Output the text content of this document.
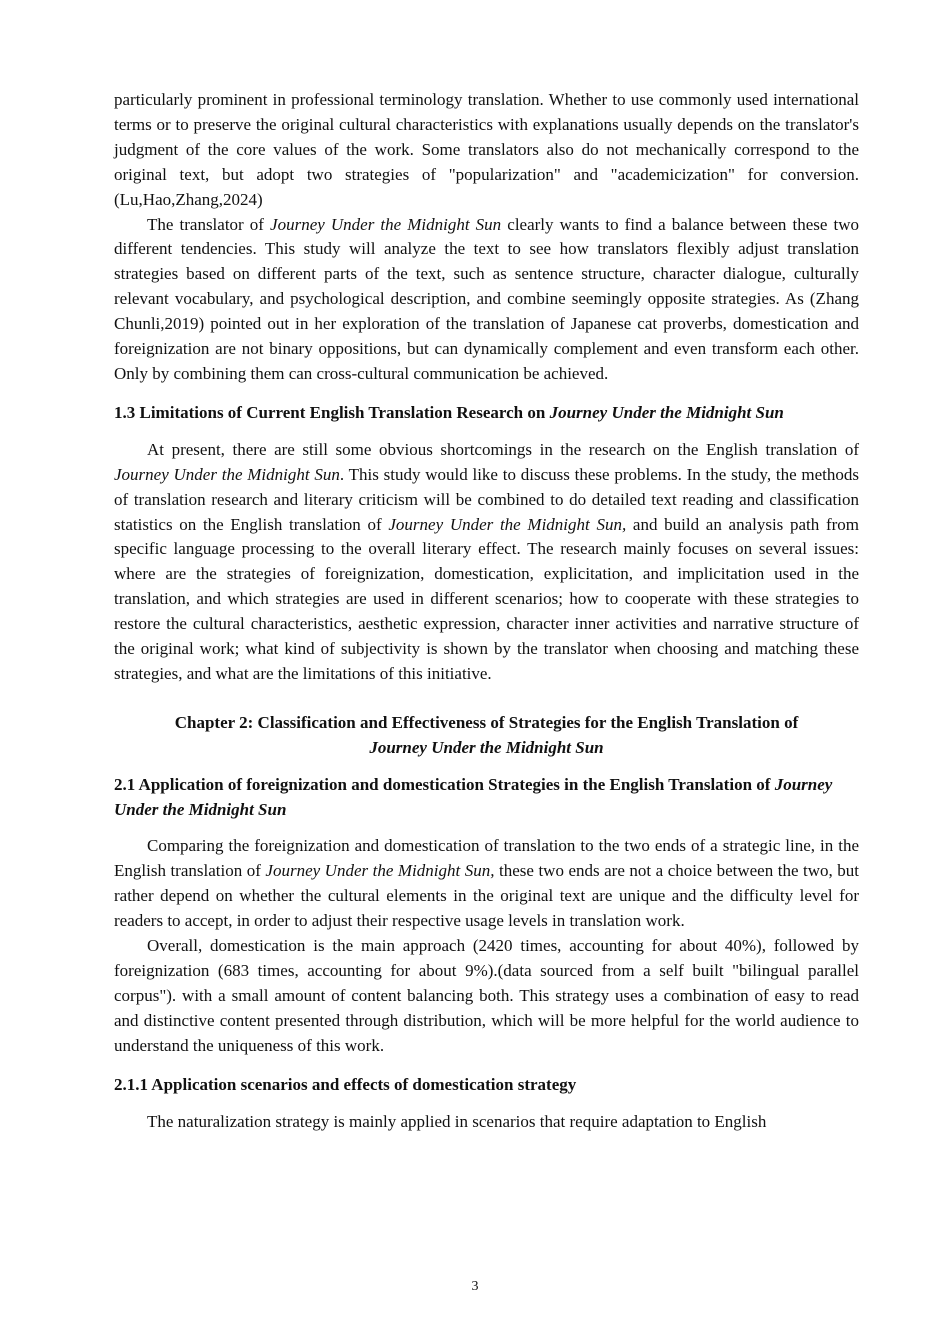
particularly prominent in professional terminology translation. Whether to use commonly used international terms or to preserve the original cultural characteristics with explanations usually depends on the translator's judgment of the core values of the work. Some translators also do not mechanically correspond to the original text, but adopt two strategies of "popularization" and "academicization" for conversion. (Lu,Hao,Zhang,2024)

The translator of Journey Under the Midnight Sun clearly wants to find a balance between these two different tendencies. This study will analyze the text to see how translators flexibly adjust translation strategies based on different parts of the text, such as sentence structure, character dialogue, culturally relevant vocabulary, and psychological description, and combine seemingly opposite strategies. As (Zhang Chunli,2019) pointed out in her exploration of the translation of Japanese cat proverbs, domestication and foreignization are not binary oppositions, but can dynamically complement and even transform each other. Only by combining them can cross-cultural communication be achieved.

1.3 Limitations of Current English Translation Research on Journey Under the Midnight Sun

At present, there are still some obvious shortcomings in the research on the English translation of Journey Under the Midnight Sun. This study would like to discuss these problems. In the study, the methods of translation research and literary criticism will be combined to do detailed text reading and classification statistics on the English translation of Journey Under the Midnight Sun, and build an analysis path from specific language processing to the overall literary effect. The research mainly focuses on several issues: where are the strategies of foreignization, domestication, explicitation, and implicitation used in the translation, and which strategies are used in different scenarios; how to cooperate with these strategies to restore the cultural characteristics, aesthetic expression, character inner activities and narrative structure of the original work; what kind of subjectivity is shown by the translator when choosing and matching these strategies, and what are the limitations of this initiative.

Chapter 2: Classification and Effectiveness of Strategies for the English Translation of
Journey Under the Midnight Sun
2.1 Application of foreignization and domestication Strategies in the English Translation of Journey Under the Midnight Sun

Comparing the foreignization and domestication of translation to the two ends of a strategic line, in the English translation of Journey Under the Midnight Sun, these two ends are not a choice between the two, but rather depend on whether the cultural elements in the original text are unique and the difficulty level for readers to accept, in order to adjust their respective usage levels in translation work.

Overall, domestication is the main approach (2420 times, accounting for about 40%), followed by foreignization (683 times, accounting for about 9%).(data sourced from a self built "bilingual parallel corpus"). with a small amount of content balancing both. This strategy uses a combination of easy to read and distinctive content presented through distribution, which will be more helpful for the world audience to understand the uniqueness of this work.

2.1.1 Application scenarios and effects of domestication strategy

The naturalization strategy is mainly applied in scenarios that require adaptation to English

3
